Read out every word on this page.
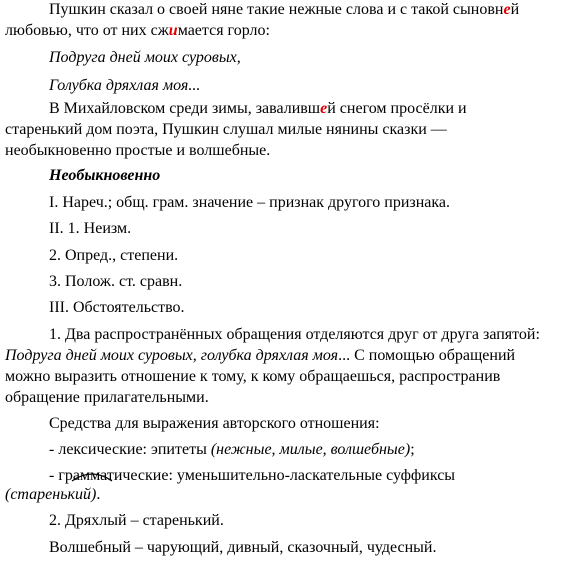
Пушкин сказал о своей няне такие нежные слова и с такой сыновней
любовью, что от них сжимается горло:
Подруга дней моих суровых,
Голубка дряхлая моя...
В Михайловском среди зимы, завалившей снегом просёлки и
старенький дом поэта, Пушкин слушал милые нянины сказки —
необыкновенно простые и волшебные.
Необыкновенно
I. Нареч.; общ. грам. значение – признак другого признака.
II. 1. Неизм.
2. Опред., степени.
3. Полож. ст. сравн.
III. Обстоятельство.
1. Два распространённых обращения отделяются друг от друга запятой:
Подруга дней моих суровых, голубка дряхлая моя... С помощью обращений
можно выразить отношение к тому, к кому обращаешься, распространив
обращение прилагательными.
Средства для выражения авторского отношения:
- лексические: эпитеты (нежные, милые, волшебные);
- грамматические: уменьшительно-ласкательные суффиксы
(старенький).
2. Дряхлый – старенький.
Волшебный – чарующий, дивный, сказочный, чудесный.
